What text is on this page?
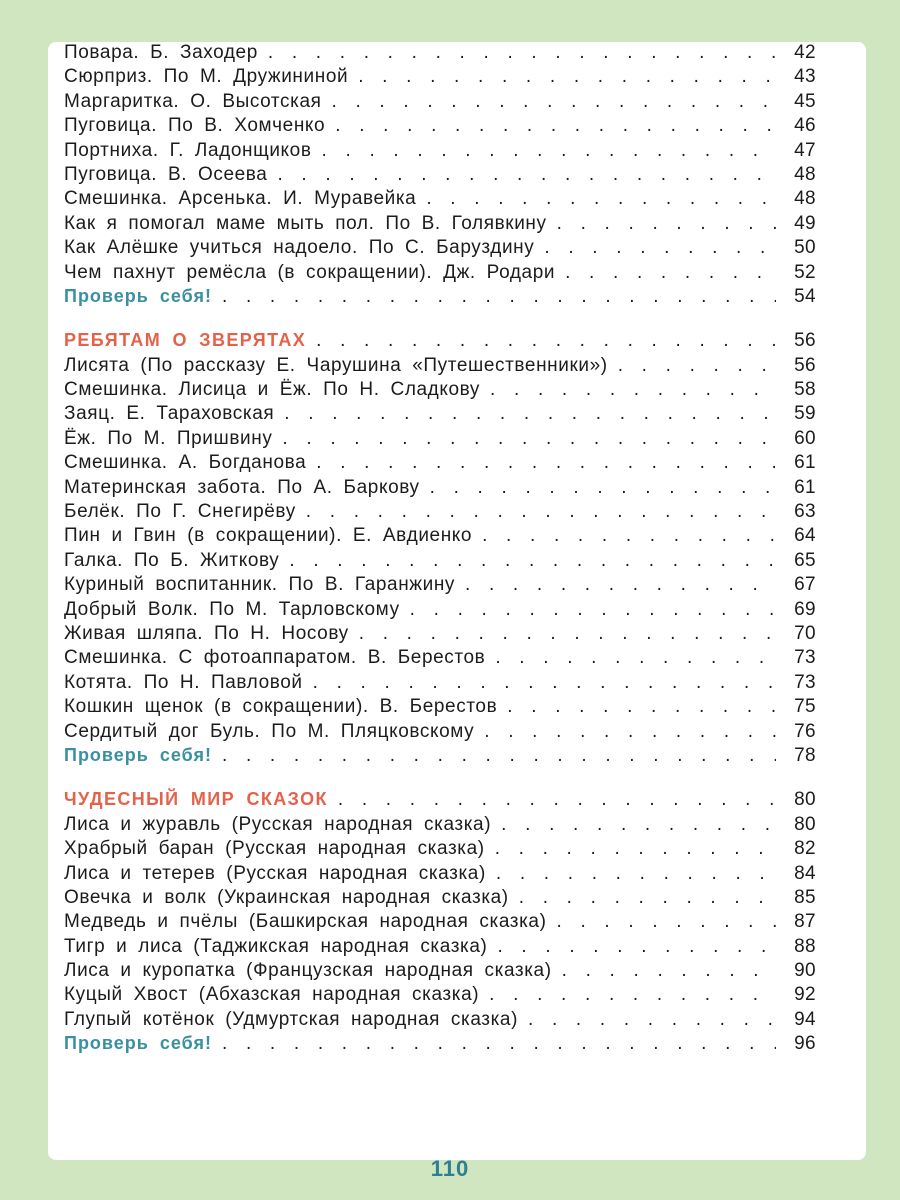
Повара. Б. Заходер . . .	42
Сюрприз. По М. Дружининой . . .	43
Маргаритка. О. Высотская . . .	45
Пуговица. По В. Хомченко . . .	46
Портниха. Г. Ладонщиков . . .	47
Пуговица. В. Осеева . . .	48
Смешинка. Арсенька. И. Муравейка . . .	48
Как я помогал маме мыть пол. По В. Голявкину . . .	49
Как Алёшке учиться надоело. По С. Баруздину . . .	50
Чем пахнут ремёсла (в сокращении). Дж. Родари . . .	52
Проверь себя! . . .	54
РЕБЯТАМ О ЗВЕРЯТАХ . . .	56
Лисята (По рассказу Е. Чарушина «Путешественники») . . .	56
Смешинка. Лисица и Ёж. По Н. Сладкову . . .	58
Заяц. Е. Тараховская . . .	59
Ёж. По М. Пришвину . . .	60
Смешинка. А. Богданова . . .	61
Материнская забота. По А. Баркову . . .	61
Белёк. По Г. Снегирёву . . .	63
Пин и Гвин (в сокращении). Е. Авдиенко . . .	64
Галка. По Б. Житкову . . .	65
Куриный воспитанник. По В. Гаранжину . . .	67
Добрый Волк. По М. Тарловскому . . .	69
Живая шляпа. По Н. Носову . . .	70
Смешинка. С фотоаппаратом. В. Берестов . . .	73
Котята. По Н. Павловой . . .	73
Кошкин щенок (в сокращении). В. Берестов . . .	75
Сердитый дог Буль. По М. Пляцковскому . . .	76
Проверь себя! . . .	78
ЧУДЕСНЫЙ МИР СКАЗОК . . .	80
Лиса и журавль (Русская народная сказка) . . .	80
Храбрый баран (Русская народная сказка) . . .	82
Лиса и тетерев (Русская народная сказка) . . .	84
Овечка и волк (Украинская народная сказка) . . .	85
Медведь и пчёлы (Башкирская народная сказка) . . .	87
Тигр и лиса (Таджикская народная сказка) . . .	88
Лиса и куропатка (Французская народная сказка) . . .	90
Куцый Хвост (Абхазская народная сказка) . . .	92
Глупый котёнок (Удмуртская народная сказка) . . .	94
Проверь себя! . . .	96
110
